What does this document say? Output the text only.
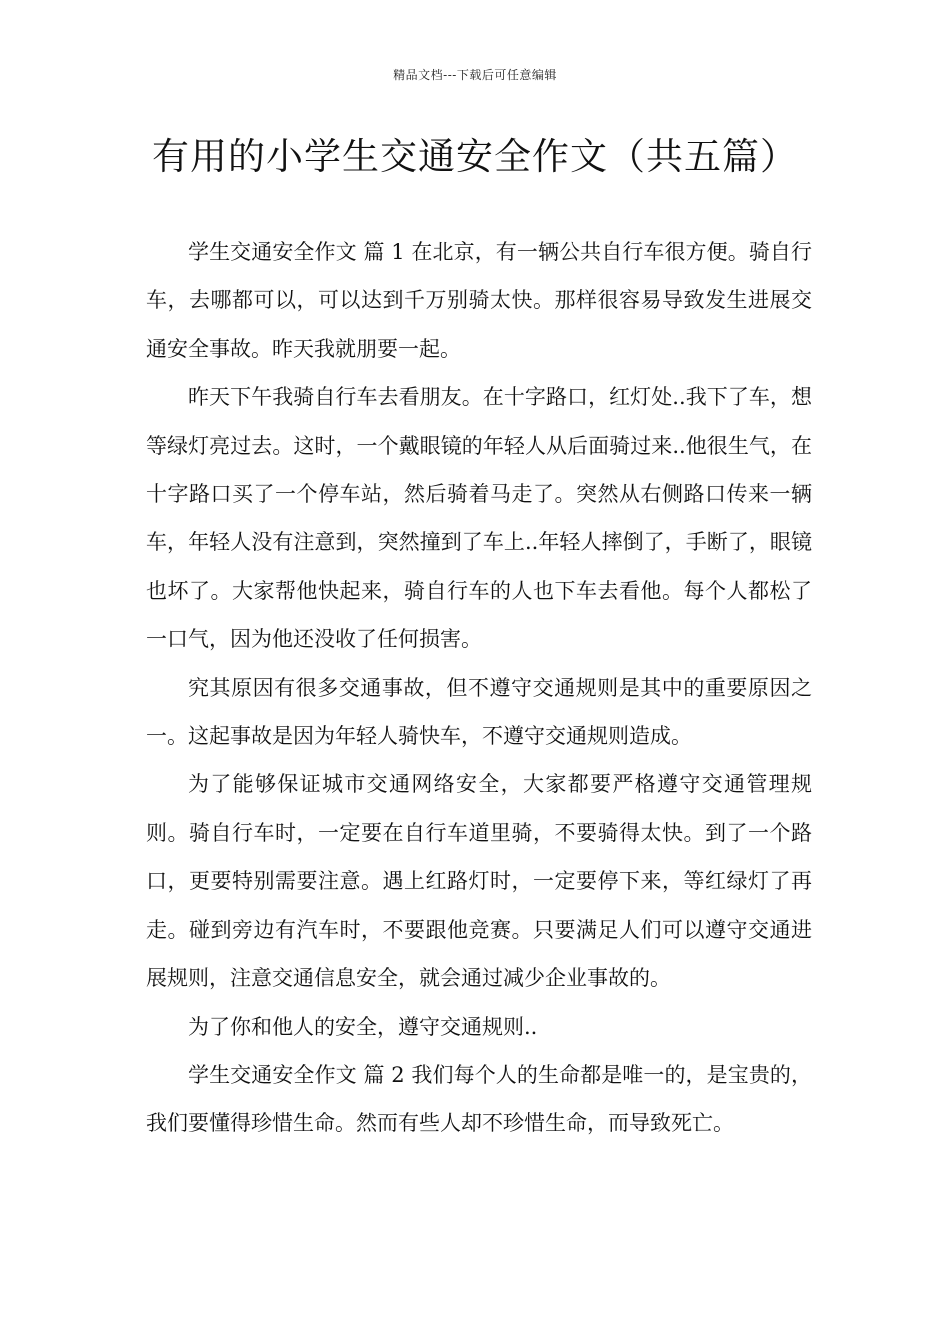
精品文档---下载后可任意编辑
有用的小学生交通安全作文（共五篇）

学生交通安全作文 篇 1 在北京，有一辆公共自行车很方便。骑自行车，去哪都可以，可以达到千万别骑太快。那样很容易导致发生进展交通安全事故。昨天我就朋要一起。

昨天下午我骑自行车去看朋友。在十字路口，红灯处..我下了车，想等绿灯亮过去。这时，一个戴眼镜的年轻人从后面骑过来..他很生气，在十字路口买了一个停车站，然后骑着马走了。突然从右侧路口传来一辆车，年轻人没有注意到，突然撞到了车上..年轻人摔倒了，手断了，眼镜也坏了。大家帮他快起来，骑自行车的人也下车去看他。每个人都松了一口气，因为他还没收了任何损害。

究其原因有很多交通事故，但不遵守交通规则是其中的重要原因之一。这起事故是因为年轻人骑快车，不遵守交通规则造成。

为了能够保证城市交通网络安全，大家都要严格遵守交通管理规则。骑自行车时，一定要在自行车道里骑，不要骑得太快。到了一个路口，更要特别需要注意。遇上红路灯时，一定要停下来，等红绿灯了再走。碰到旁边有汽车时，不要跟他竞赛。只要满足人们可以遵守交通进展规则，注意交通信息安全，就会通过减少企业事故的。

为了你和他人的安全，遵守交通规则..

学生交通安全作文 篇 2 我们每个人的生命都是唯一的，是宝贵的，我们要懂得珍惜生命。然而有些人却不珍惜生命，而导致死亡。
